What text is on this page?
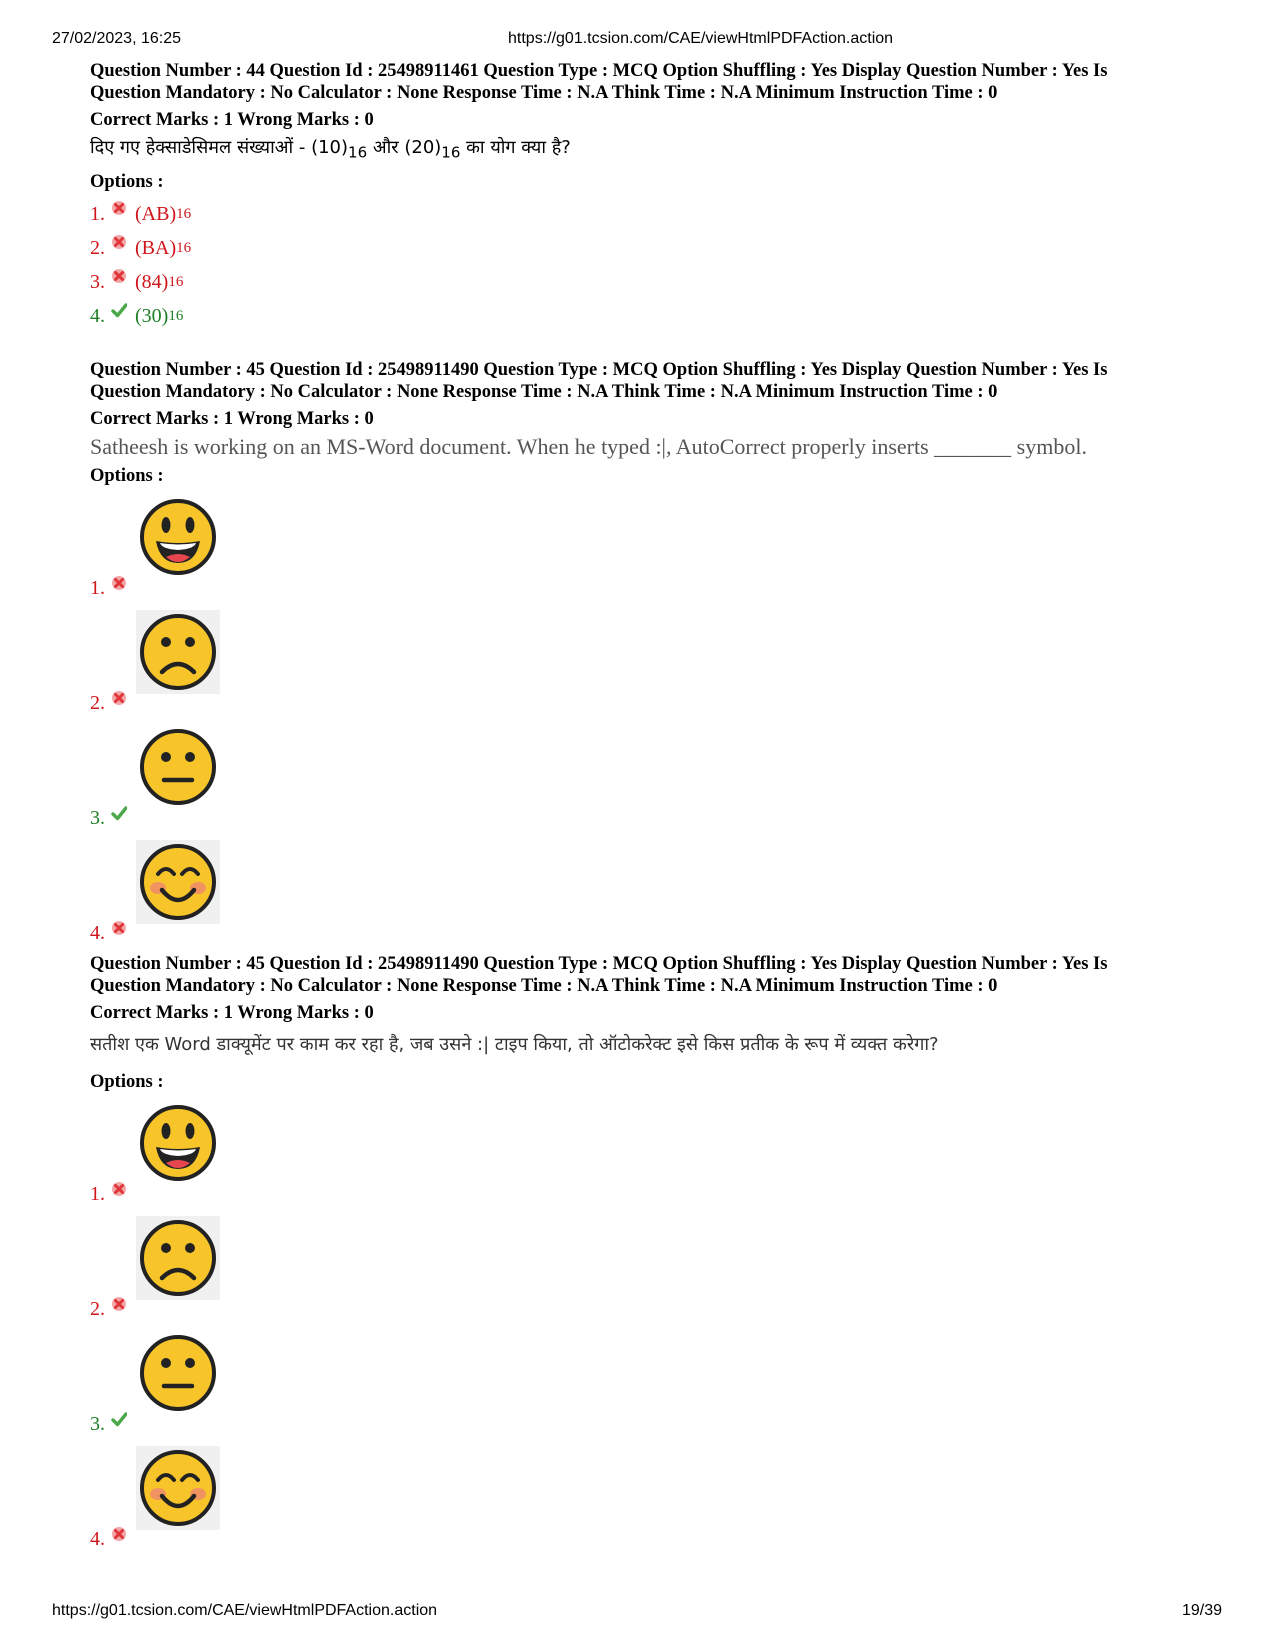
27/02/2023, 16:25	https://g01.tcsion.com/CAE/viewHtmlPDFAction.action
Question Number : 44 Question Id : 25498911461 Question Type : MCQ Option Shuffling : Yes Display Question Number : Yes Is
Question Mandatory : No Calculator : None Response Time : N.A Think Time : N.A Minimum Instruction Time : 0
Correct Marks : 1 Wrong Marks : 0
दिए गए हेक्साडेसिमल संख्याओं - $(10)_{16}$ और $(20)_{16}$ का योग क्या है?
Options :
1. (AB) 16
2. (BA) 16
3. (84) 16
4. (30) 16
Question Number : 45 Question Id : 25498911490 Question Type : MCQ Option Shuffling : Yes Display Question Number : Yes Is
Question Mandatory : No Calculator : None Response Time : N.A Think Time : N.A Minimum Instruction Time : 0
Correct Marks : 1 Wrong Marks : 0
Satheesh is working on an MS-Word document. When he typed :|, AutoCorrect properly inserts _______ symbol.
Options :
1.
2.
3.
4.
Question Number : 45 Question Id : 25498911490 Question Type : MCQ Option Shuffling : Yes Display Question Number : Yes Is
Question Mandatory : No Calculator : None Response Time : N.A Think Time : N.A Minimum Instruction Time : 0
Correct Marks : 1 Wrong Marks : 0
सतीश एक Word डाक्यूमेंट पर काम कर रहा है, जब उसने :| टाइप किया, तो ऑटोकरेक्ट इसे किस प्रतीक के रूप में व्यक्त करेगा?
Options :
1.
2.
3.
4.
https://g01.tcsion.com/CAE/viewHtmlPDFAction.action	19/39
